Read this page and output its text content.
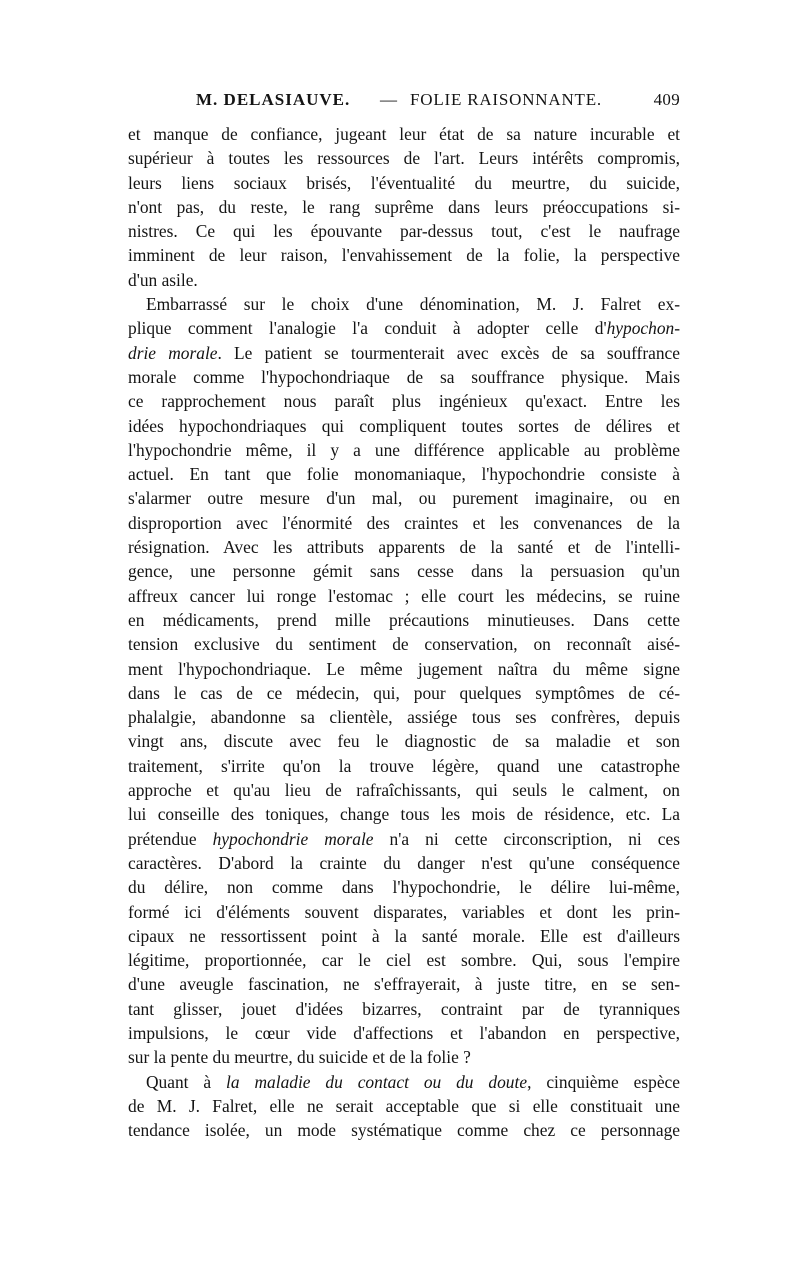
M. DELASIAUVE. — FOLIE RAISONNANTE.	409
et manque de confiance, jugeant leur état de sa nature incurable et
supérieur à toutes les ressources de l'art. Leurs intérêts compromis,
leurs liens sociaux brisés, l'éventualité du meurtre, du suicide,
n'ont pas, du reste, le rang suprême dans leurs préoccupations si-
nistres. Ce qui les épouvante par-dessus tout, c'est le naufrage
imminent de leur raison, l'envahissement de la folie, la perspective
d'un asile.
Embarrassé sur le choix d'une dénomination, M. J. Falret ex-
plique comment l'analogie l'a conduit à adopter celle d'hypochon-
drie morale. Le patient se tourmenterait avec excès de sa souffrance
morale comme l'hypochondriaque de sa souffrance physique. Mais
ce rapprochement nous paraît plus ingénieux qu'exact. Entre les
idées hypochondriaques qui compliquent toutes sortes de délires et
l'hypochondrie même, il y a une différence applicable au problème
actuel. En tant que folie monomaniaque, l'hypochondrie consiste à
s'alarmer outre mesure d'un mal, ou purement imaginaire, ou en
disproportion avec l'énormité des craintes et les convenances de la
résignation. Avec les attributs apparents de la santé et de l'intelli-
gence, une personne gémit sans cesse dans la persuasion qu'un
affreux cancer lui ronge l'estomac ; elle court les médecins, se ruine
en médicaments, prend mille précautions minutieuses. Dans cette
tension exclusive du sentiment de conservation, on reconnaît aisé-
ment l'hypochondriaque. Le même jugement naîtra du même signe
dans le cas de ce médecin, qui, pour quelques symptômes de cé-
phalalgie, abandonne sa clientèle, assiége tous ses confrères, depuis
vingt ans, discute avec feu le diagnostic de sa maladie et son
traitement, s'irrite qu'on la trouve légère, quand une catastrophe
approche et qu'au lieu de rafraîchissants, qui seuls le calment, on
lui conseille des toniques, change tous les mois de résidence, etc. La
prétendue hypochondrie morale n'a ni cette circonscription, ni ces
caractères. D'abord la crainte du danger n'est qu'une conséquence
du délire, non comme dans l'hypochondrie, le délire lui-même,
formé ici d'éléments souvent disparates, variables et dont les prin-
cipaux ne ressortissent point à la santé morale. Elle est d'ailleurs
légitime, proportionnée, car le ciel est sombre. Qui, sous l'empire
d'une aveugle fascination, ne s'effrayerait, à juste titre, en se sen-
tant glisser, jouet d'idées bizarres, contraint par de tyranniques
impulsions, le cœur vide d'affections et l'abandon en perspective,
sur la pente du meurtre, du suicide et de la folie ?
Quant à la maladie du contact ou du doute, cinquième espèce
de M. J. Falret, elle ne serait acceptable que si elle constituait une
tendance isolée, un mode systématique comme chez ce personnage
